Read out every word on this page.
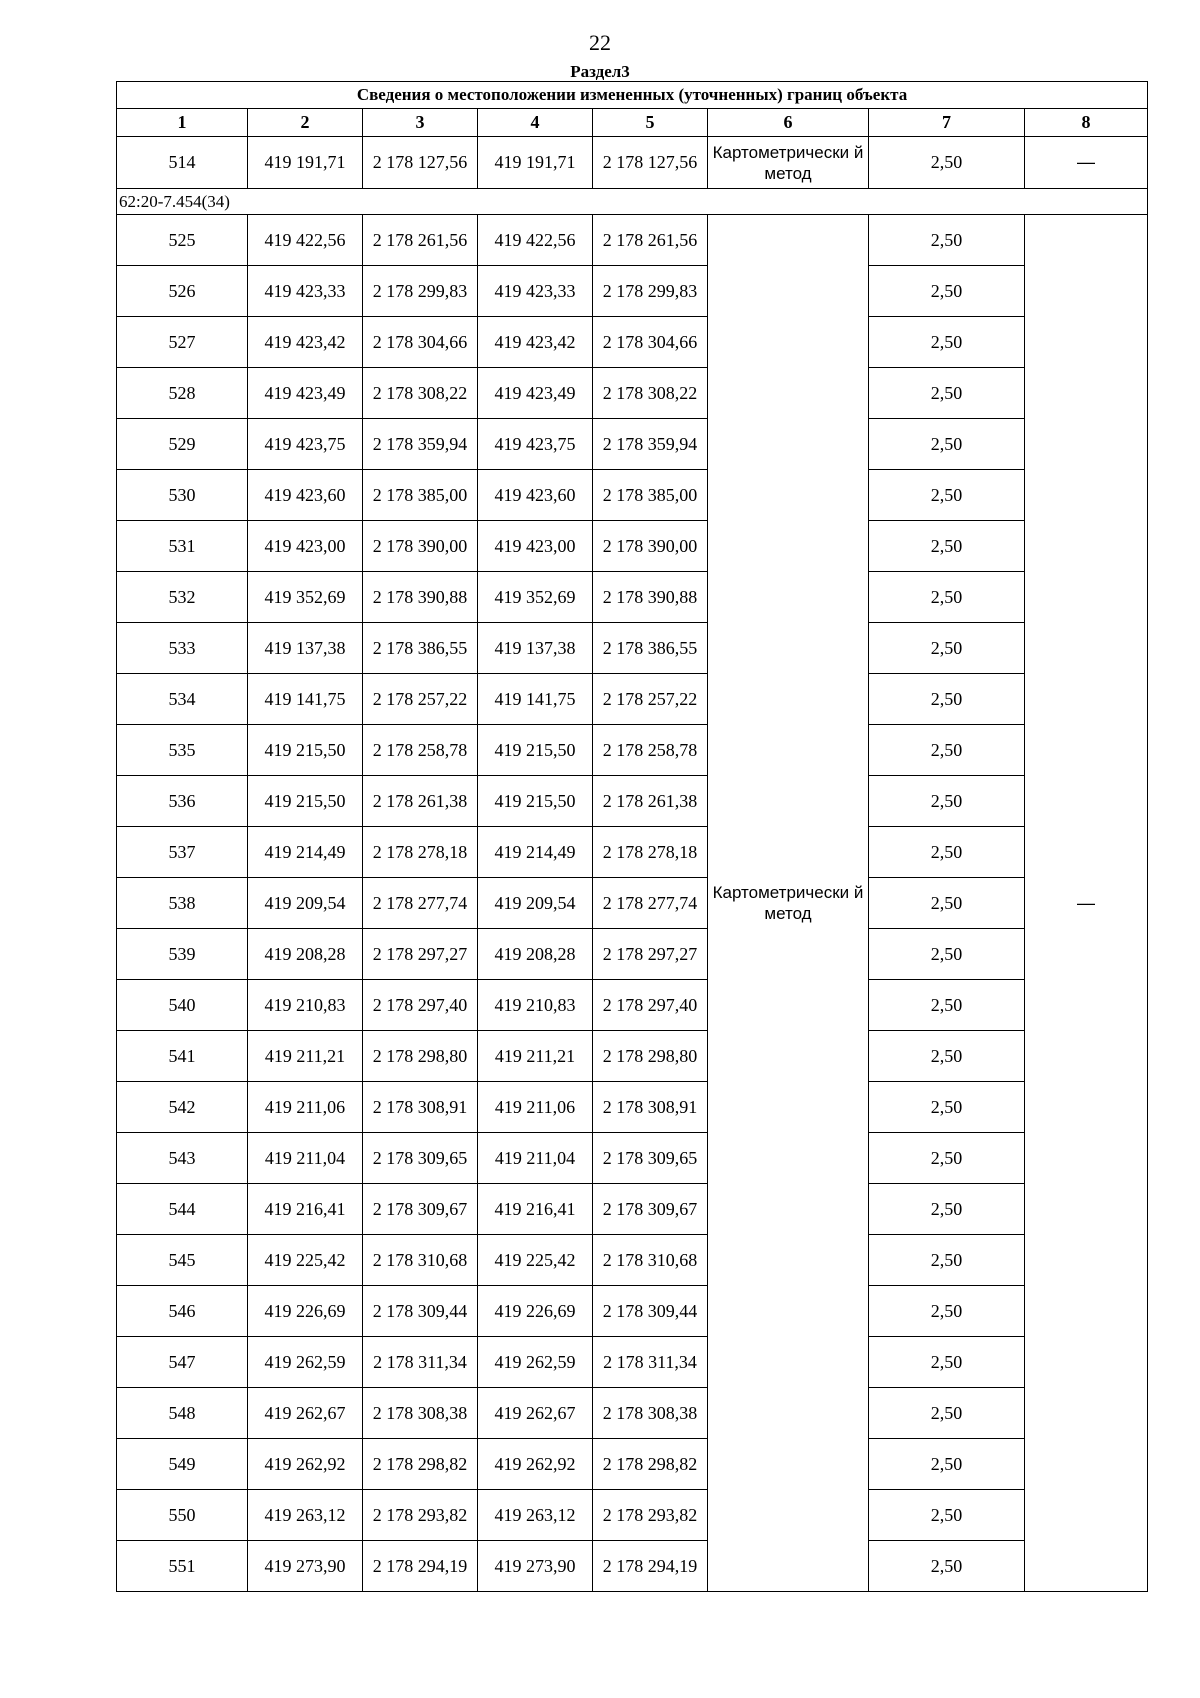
22
Раздел3
Сведения о местоположении измененных (уточненных) границ объекта							
1	2	3	4	5	6	7	8
514	419 191,71	2 178 127,56	419 191,71	2 178 127,56	Картометрически й метод	2,50	—
62:20-7.454(34)							
525	419 422,56	2 178 261,56	419 422,56	2 178 261,56	Картометрически й метод	2,50	—
526	419 423,33	2 178 299,83	419 423,33	2 178 299,83		2,50	
527	419 423,42	2 178 304,66	419 423,42	2 178 304,66		2,50	
528	419 423,49	2 178 308,22	419 423,49	2 178 308,22		2,50	
529	419 423,75	2 178 359,94	419 423,75	2 178 359,94		2,50	
530	419 423,60	2 178 385,00	419 423,60	2 178 385,00		2,50	
531	419 423,00	2 178 390,00	419 423,00	2 178 390,00		2,50	
532	419 352,69	2 178 390,88	419 352,69	2 178 390,88		2,50	
533	419 137,38	2 178 386,55	419 137,38	2 178 386,55		2,50	
534	419 141,75	2 178 257,22	419 141,75	2 178 257,22		2,50	
535	419 215,50	2 178 258,78	419 215,50	2 178 258,78		2,50	
536	419 215,50	2 178 261,38	419 215,50	2 178 261,38		2,50	
537	419 214,49	2 178 278,18	419 214,49	2 178 278,18		2,50	
538	419 209,54	2 178 277,74	419 209,54	2 178 277,74		2,50	
539	419 208,28	2 178 297,27	419 208,28	2 178 297,27		2,50	
540	419 210,83	2 178 297,40	419 210,83	2 178 297,40		2,50	
541	419 211,21	2 178 298,80	419 211,21	2 178 298,80		2,50	
542	419 211,06	2 178 308,91	419 211,06	2 178 308,91		2,50	
543	419 211,04	2 178 309,65	419 211,04	2 178 309,65		2,50	
544	419 216,41	2 178 309,67	419 216,41	2 178 309,67		2,50	
545	419 225,42	2 178 310,68	419 225,42	2 178 310,68		2,50	
546	419 226,69	2 178 309,44	419 226,69	2 178 309,44		2,50	
547	419 262,59	2 178 311,34	419 262,59	2 178 311,34		2,50	
548	419 262,67	2 178 308,38	419 262,67	2 178 308,38		2,50	
549	419 262,92	2 178 298,82	419 262,92	2 178 298,82		2,50	
550	419 263,12	2 178 293,82	419 263,12	2 178 293,82		2,50	
551	419 273,90	2 178 294,19	419 273,90	2 178 294,19		2,50	
